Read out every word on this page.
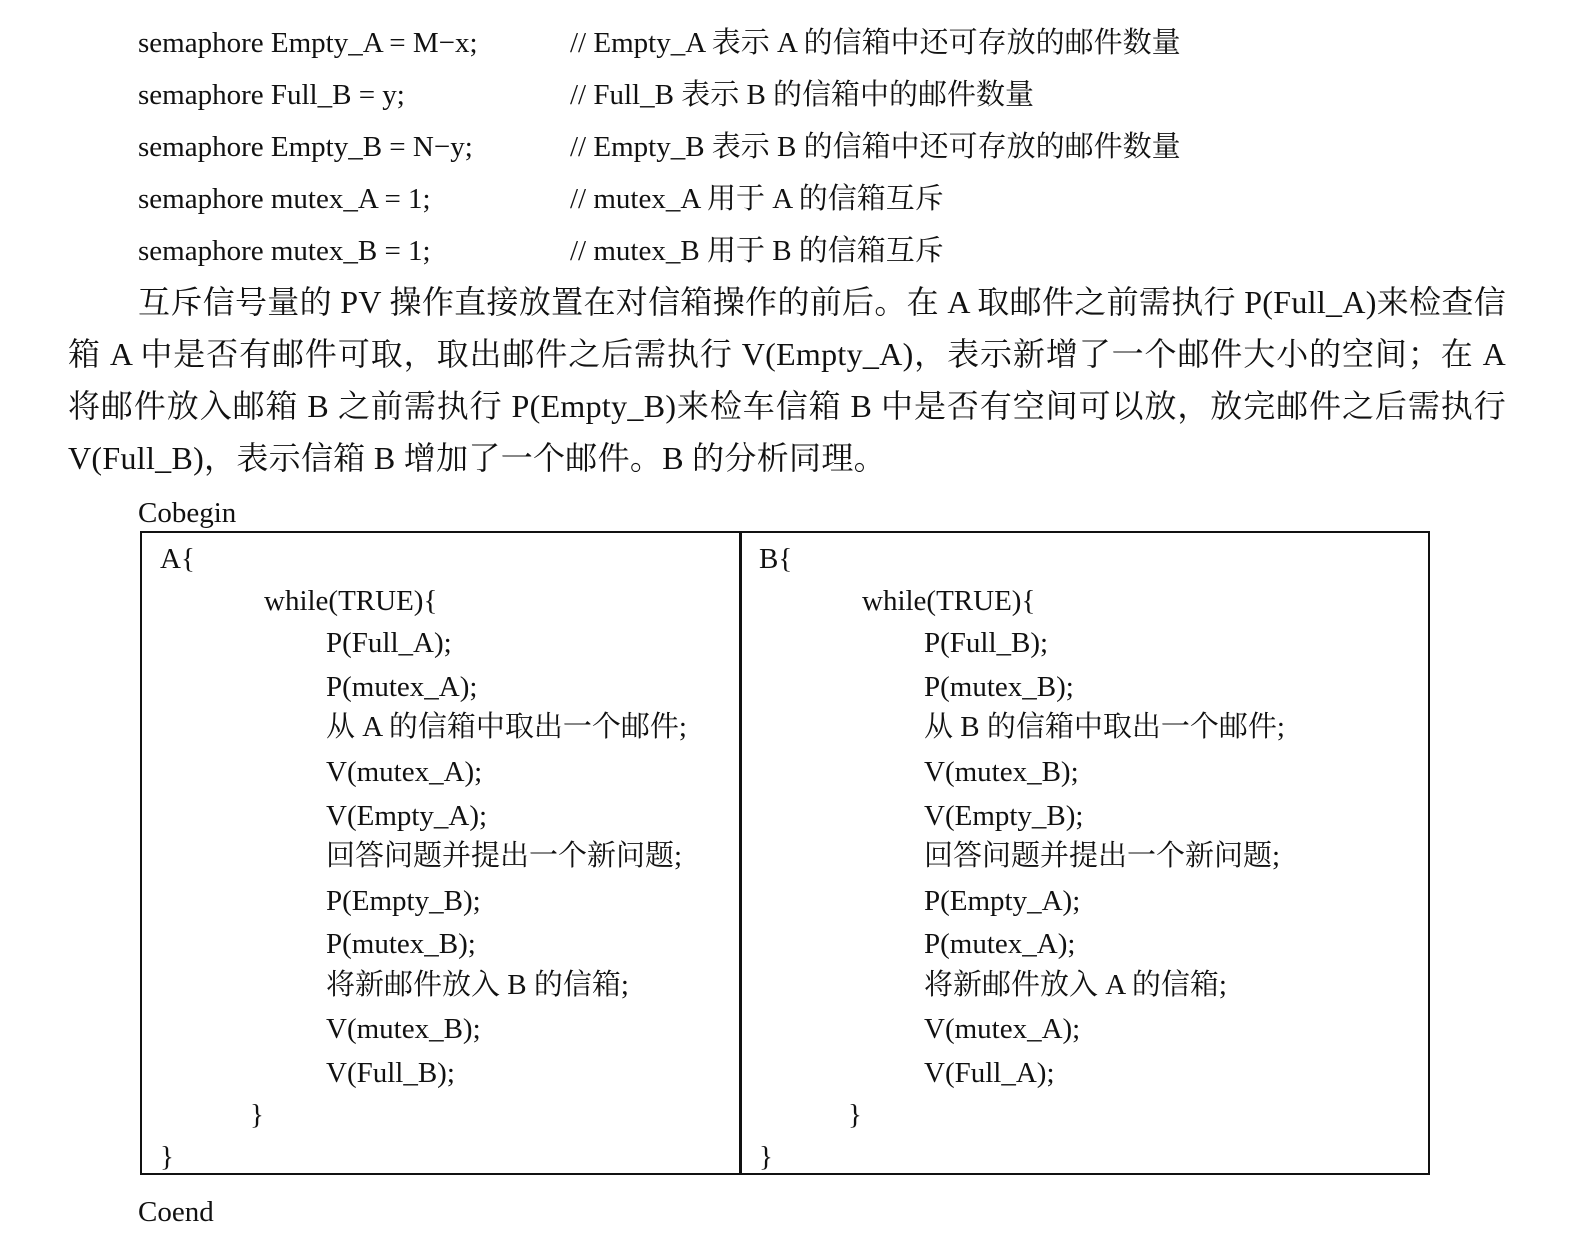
semaphore Empty_A = M−x;	// Empty_A 表示 A 的信箱中还可存放的邮件数量
semaphore Full_B = y;	// Full_B 表示 B 的信箱中的邮件数量
semaphore Empty_B = N−y;	// Empty_B 表示 B 的信箱中还可存放的邮件数量
semaphore mutex_A = 1;	// mutex_A 用于 A 的信箱互斥
semaphore mutex_B = 1;	// mutex_B 用于 B 的信箱互斥

互斥信号量的 PV 操作直接放置在对信箱操作的前后。在 A 取邮件之前需执行 P(Full_A)来检查信箱 A 中是否有邮件可取，取出邮件之后需执行 V(Empty_A)，表示新增了一个邮件大小的空间；在 A 将邮件放入邮箱 B 之前需执行 P(Empty_B)来检车信箱 B 中是否有空间可以放，放完邮件之后需执行 V(Full_B)，表示信箱 B 增加了一个邮件。B 的分析同理。

Cobegin
Coend
A{
while(TRUE){
P(Full_A);
P(mutex_A);
从 A 的信箱中取出一个邮件;
V(mutex_A);
V(Empty_A);
回答问题并提出一个新问题;
P(Empty_B);
P(mutex_B);
将新邮件放入 B 的信箱;
V(mutex_B);
V(Full_B);
}
}
B{
while(TRUE){
P(Full_B);
P(mutex_B);
从 B 的信箱中取出一个邮件;
V(mutex_B);
V(Empty_B);
回答问题并提出一个新问题;
P(Empty_A);
P(mutex_A);
将新邮件放入 A 的信箱;
V(mutex_A);
V(Full_A);
}
}
